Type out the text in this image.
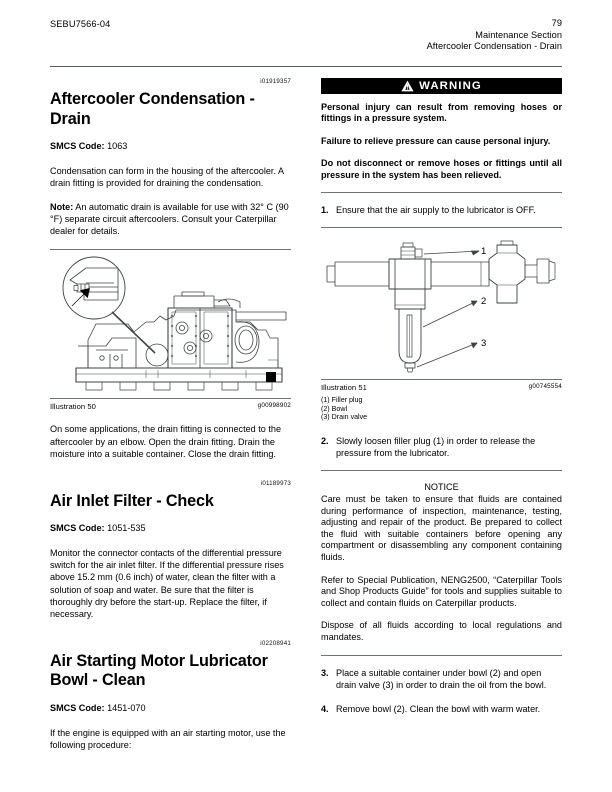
SEBU7566-04	79
Maintenance Section
Aftercooler Condensation - Drain
i01919357
Aftercooler Condensation - Drain
SMCS Code: 1063

Condensation can form in the housing of the aftercooler. A drain fitting is provided for draining the condensation.

Note: An automatic drain is available for use with 32° C (90 °F) separate circuit aftercoolers. Consult your Caterpillar dealer for details.

Illustration 50	g00998902

On some applications, the drain fitting is connected to the aftercooler by an elbow. Open the drain fitting. Drain the moisture into a suitable container. Close the drain fitting.

i01189973
Air Inlet Filter - Check
SMCS Code: 1051-535

Monitor the connector contacts of the differential pressure switch for the air inlet filter. If the differential pressure rises above 15.2 mm (0.6 inch) of water, clean the filter with a solution of soap and water. Be sure that the filter is thoroughly dry before the start-up. Replace the filter, if necessary.

i02208941
Air Starting Motor Lubricator Bowl - Clean
SMCS Code: 1451-070

If the engine is equipped with an air starting motor, use the following procedure:

WARNING

Personal injury can result from removing hoses or fittings in a pressure system.

Failure to relieve pressure can cause personal injury.

Do not disconnect or remove hoses or fittings until all pressure in the system has been relieved.

1. Ensure that the air supply to the lubricator is OFF.
1
2
3
Illustration 51	g00745554
(1) Filler plug
(2) Bowl
(3) Drain valve
2. Slowly loosen filler plug (1) in order to release the pressure from the lubricator.
NOTICE

Care must be taken to ensure that fluids are contained during performance of inspection, maintenance, testing, adjusting and repair of the product. Be prepared to collect the fluid with suitable containers before opening any compartment or disassembling any component containing fluids.

Refer to Special Publication, NENG2500, “Caterpillar Tools and Shop Products Guide” for tools and supplies suitable to collect and contain fluids on Caterpillar products.

Dispose of all fluids according to local regulations and mandates.

3. Place a suitable container under bowl (2) and open drain valve (3) in order to drain the oil from the bowl.
4. Remove bowl (2). Clean the bowl with warm water.
